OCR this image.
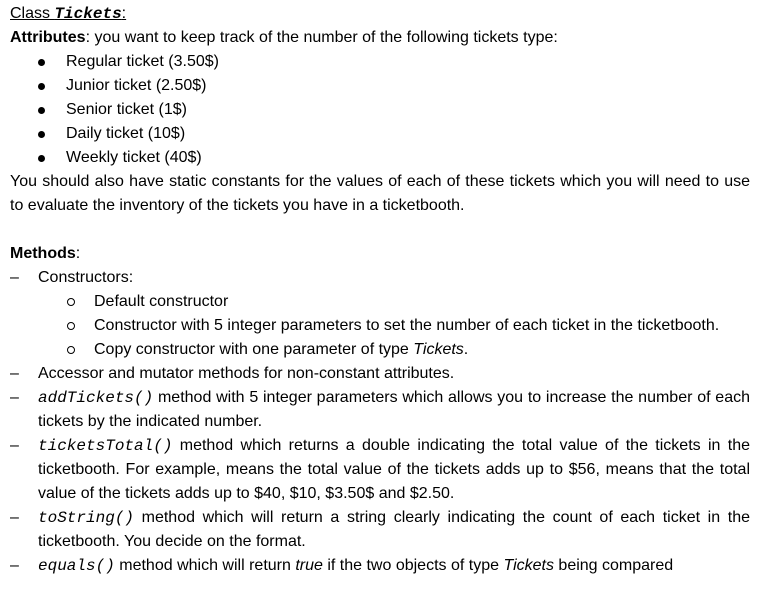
Class Tickets:
Attributes: you want to keep track of the number of the following tickets type:
Regular ticket (3.50$)
Junior ticket (2.50$)
Senior ticket (1$)
Daily ticket (10$)
Weekly ticket (40$)
You should also have static constants for the values of each of these tickets which you will need to use to evaluate the inventory of the tickets you have in a ticketbooth.
Methods:
– Constructors:
Default constructor
Constructor with 5 integer parameters to set the number of each ticket in the ticketbooth.
Copy constructor with one parameter of type Tickets.
– Accessor and mutator methods for non-constant attributes.
– addTickets() method with 5 integer parameters which allows you to increase the number of each tickets by the indicated number.
– ticketsTotal() method which returns a double indicating the total value of the tickets in the ticketbooth. For example, means the total value of the tickets adds up to $56, means that the total value of the tickets adds up to $40, $10, $3.50$ and $2.50.
– toString() method which will return a string clearly indicating the count of each ticket in the ticketbooth. You decide on the format.
– equals() method which will return true if the two objects of type Tickets being compared
